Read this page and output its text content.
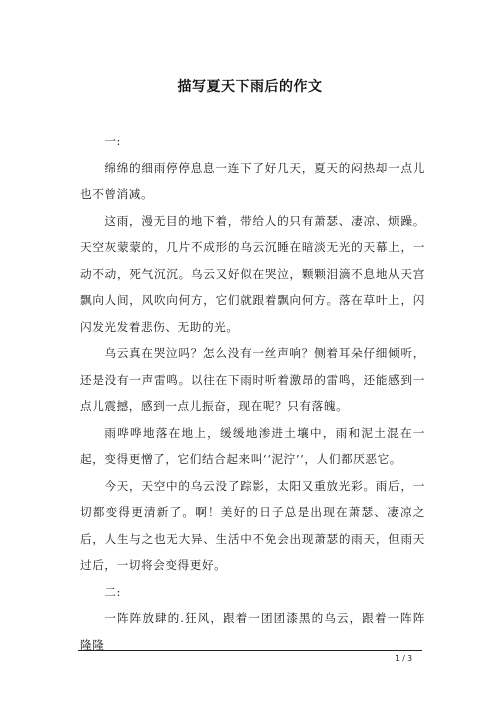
描写夏天下雨后的作文

一:

绵绵的细雨停停息息一连下了好几天，夏天的闷热却一点儿也不曾消减。

这雨，漫无目的地下着，带给人的只有萧瑟、凄凉、烦躁。天空灰蒙蒙的，几片不成形的乌云沉睡在暗淡无光的天幕上，一动不动，死气沉沉。乌云又好似在哭泣，颗颗泪滴不息地从天宫飘向人间，风吹向何方，它们就跟着飘向何方。落在草叶上，闪闪发光发着悲伤、无助的光。

乌云真在哭泣吗？怎么没有一丝声响？侧着耳朵仔细倾听，还是没有一声雷鸣。以往在下雨时听着激昂的雷鸣，还能感到一点儿震撼，感到一点儿振奋，现在呢？只有落魄。

雨哗哗地落在地上，缓缓地渗进土壤中，雨和泥土混在一起，变得更憎了，它们结合起来叫‘‘泥泞’’，人们都厌恶它。

今天，天空中的乌云没了踪影，太阳又重放光彩。雨后，一切都变得更清新了。啊！美好的日子总是出现在萧瑟、凄凉之后，人生与之也无大异、生活中不免会出现萧瑟的雨天，但雨天过后，一切将会变得更好。

二:

一阵阵放肆的.狂风，跟着一团团漆黑的乌云，跟着一阵阵隆隆

1 / 3
